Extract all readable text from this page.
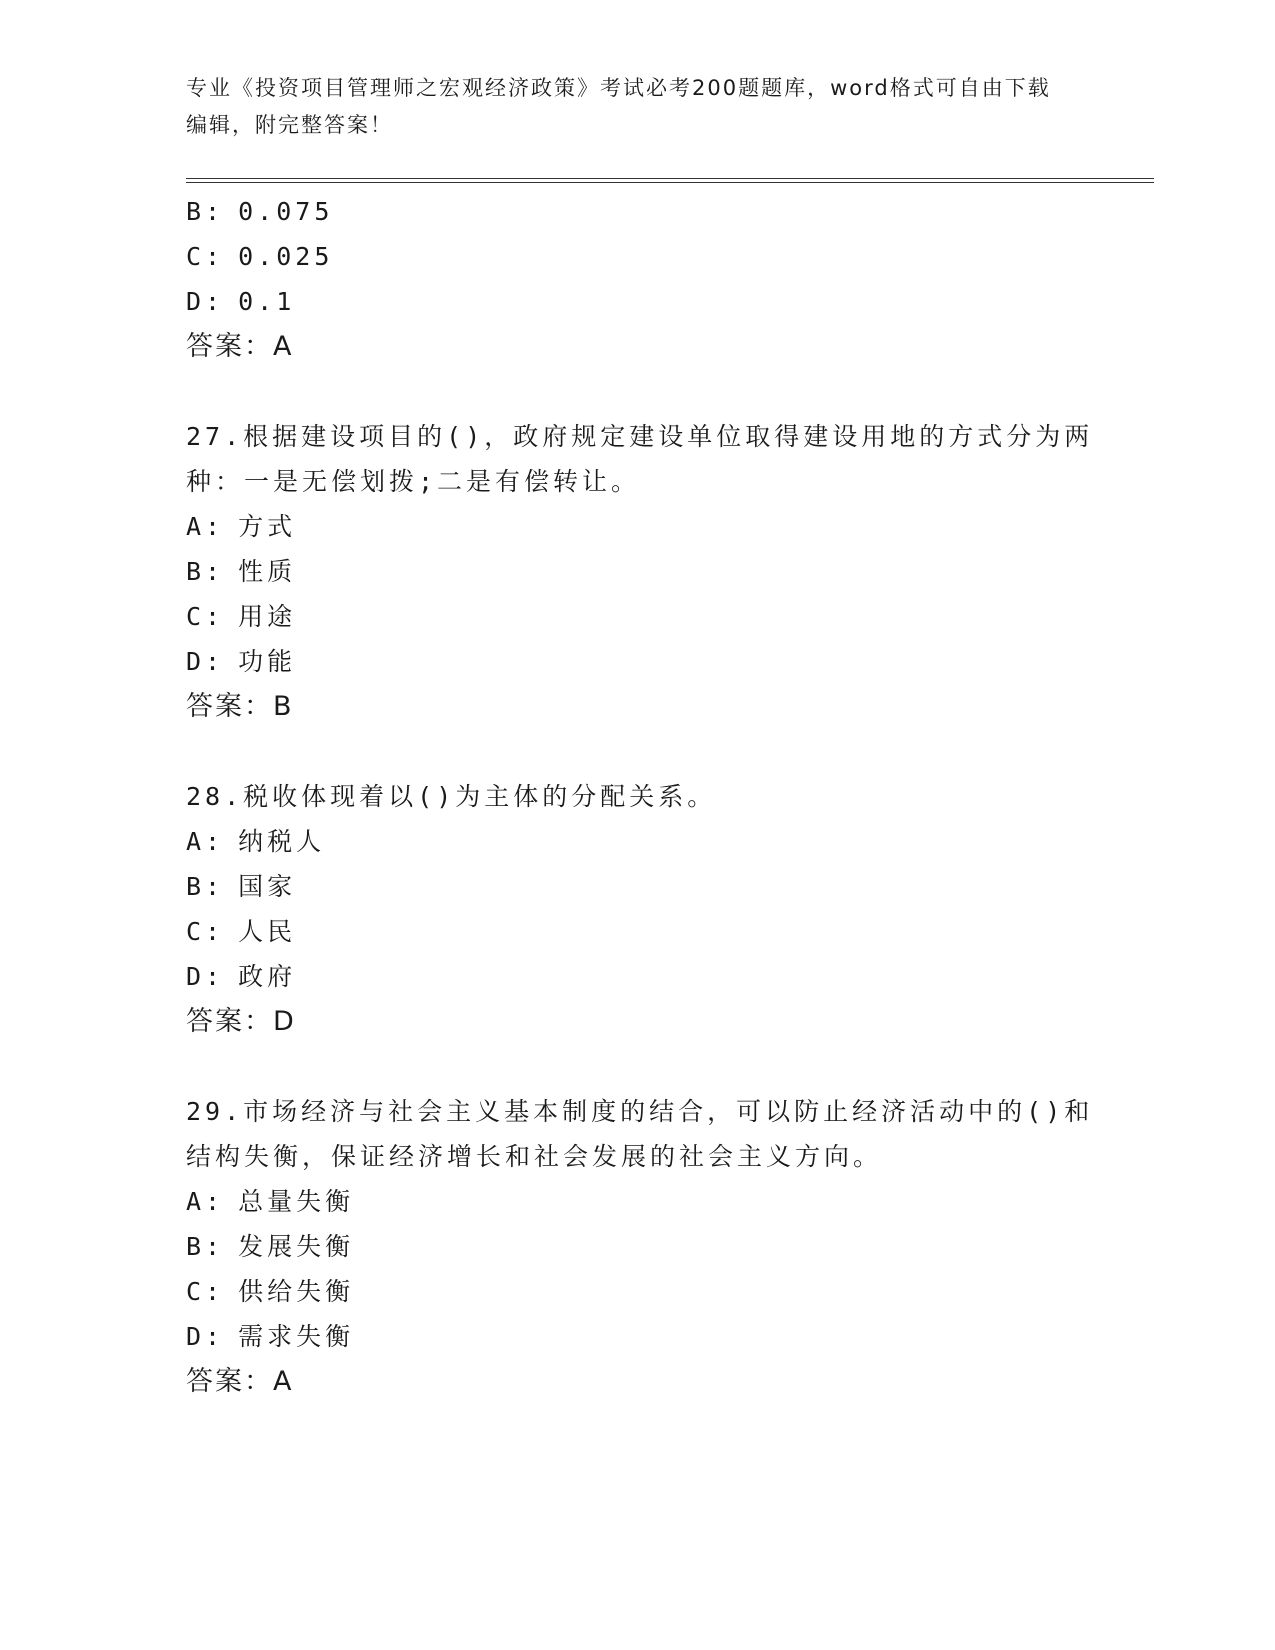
专业《投资项目管理师之宏观经济政策》考试必考200题题库，word格式可自由下载编辑，附完整答案！
B: 0.075
C: 0.025
D: 0.1
答案：A
27.根据建设项目的()，政府规定建设单位取得建设用地的方式分为两
种：一是无偿划拨;二是有偿转让。
A: 方式
B: 性质
C: 用途
D: 功能
答案：B
28.税收体现着以()为主体的分配关系。
A: 纳税人
B: 国家
C: 人民
D: 政府
答案：D
29.市场经济与社会主义基本制度的结合，可以防止经济活动中的()和
结构失衡，保证经济增长和社会发展的社会主义方向。
A: 总量失衡
B: 发展失衡
C: 供给失衡
D: 需求失衡
答案：A
